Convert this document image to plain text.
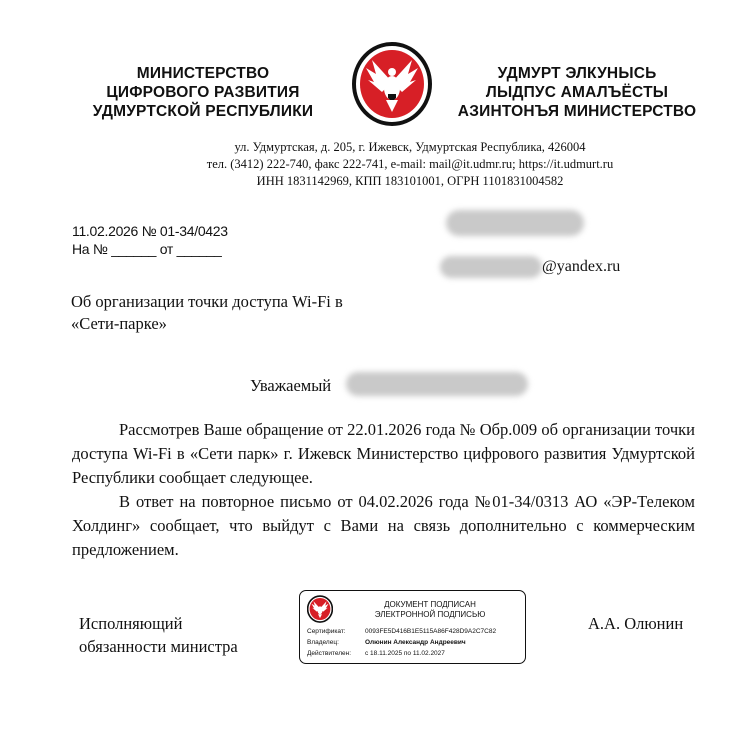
МИНИСТЕРСТВО
ЦИФРОВОГО РАЗВИТИЯ
УДМУРТСКОЙ РЕСПУБЛИКИ
УДМУРТ ЭЛКУНЫСЬ
ЛЫДПУС АМАЛЪЁСТЫ
АЗИНТОНЪЯ МИНИСТЕРСТВО
ул. Удмуртская, д. 205, г. Ижевск, Удмуртская Республика, 426004
тел. (3412) 222-740, факс 222-741, e-mail: mail@it.udmr.ru; https://it.udmurt.ru
ИНН 1831142969, КПП 183101001, ОГРН 1101831004582
11.02.2026 № 01-34/0423
На № ______ от ______
@yandex.ru
Об организации точки доступа Wi-Fi в
«Сети-парке»
Уважаемый
Рассмотрев Ваше обращение от 22.01.2026 года № Обр.009 об организации точки доступа Wi-Fi в «Сети парк» г. Ижевск Министерство цифрового развития Удмуртской Республики сообщает следующее.
В ответ на повторное письмо от 04.02.2026 года №01-34/0313 АО «ЭР-Телеком Холдинг» сообщает, что выйдут с Вами на связь дополнительно с коммерческим предложением.
Исполняющий
обязанности министра
ДОКУМЕНТ ПОДПИСАН
ЭЛЕКТРОННОЙ ПОДПИСЬЮ
Сертификат:	0093FE5D416B1E5115A86F428D9A2C7C82
Владелец:	Олюнин Александр Андреевич
Действителен: с 18.11.2025 по 11.02.2027
А.А. Олюнин
